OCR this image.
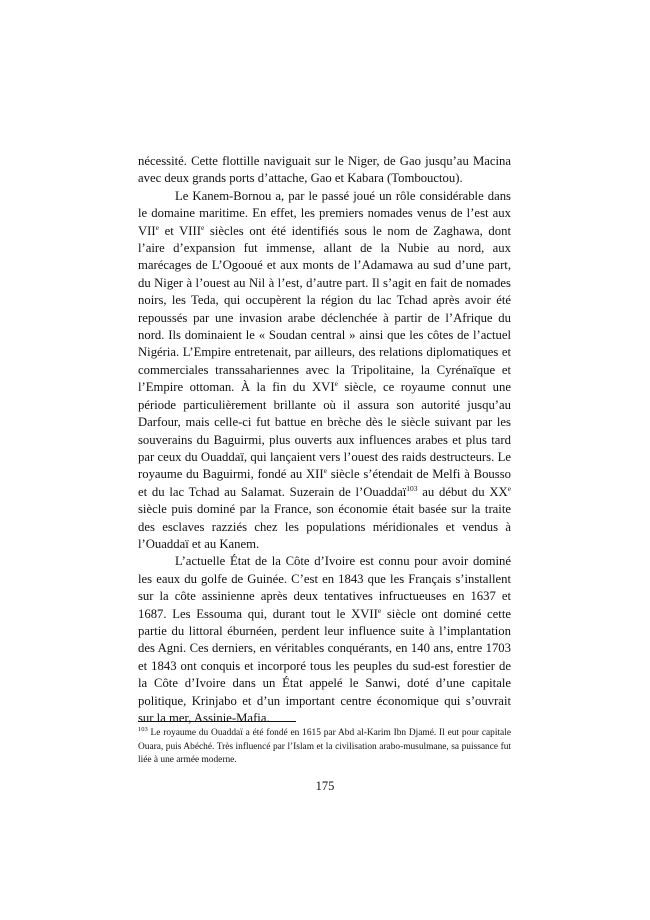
nécessité. Cette flottille naviguait sur le Niger, de Gao jusqu’au Macina avec deux grands ports d’attache, Gao et Kabara (Tombouctou).

Le Kanem-Bornou a, par le passé joué un rôle considérable dans le domaine maritime. En effet, les premiers nomades venus de l’est aux VIIe et VIIIe siècles ont été identifiés sous le nom de Zaghawa, dont l’aire d’expansion fut immense, allant de la Nubie au nord, aux marécages de L’Ogooué et aux monts de l’Adamawa au sud d’une part, du Niger à l’ouest au Nil à l’est, d’autre part. Il s’agit en fait de nomades noirs, les Teda, qui occupèrent la région du lac Tchad après avoir été repoussés par une invasion arabe déclenchée à partir de l’Afrique du nord. Ils dominaient le « Soudan central » ainsi que les côtes de l’actuel Nigéria. L’Empire entretenait, par ailleurs, des relations diplomatiques et commerciales transsahariennes avec la Tripolitaine, la Cyrénaïque et l’Empire ottoman. À la fin du XVIe siècle, ce royaume connut une période particulièrement brillante où il assura son autorité jusqu’au Darfour, mais celle-ci fut battue en brèche dès le siècle suivant par les souverains du Baguirmi, plus ouverts aux influences arabes et plus tard par ceux du Ouaddaï, qui lançaient vers l’ouest des raids destructeurs. Le royaume du Baguirmi, fondé au XIIe siècle s’étendait de Melfi à Bousso et du lac Tchad au Salamat. Suzerain de l’Ouaddaï$^{103}$ au début du XXe siècle puis dominé par la France, son économie était basée sur la traite des esclaves razziés chez les populations méridionales et vendus à l’Ouaddaï et au Kanem.

L’actuelle État de la Côte d’Ivoire est connu pour avoir dominé les eaux du golfe de Guinée. C’est en 1843 que les Français s’installent sur la côte assinienne après deux tentatives infructueuses en 1637 et 1687. Les Essouma qui, durant tout le XVIIe siècle ont dominé cette partie du littoral éburnéen, perdent leur influence suite à l’implantation des Agni. Ces derniers, en véritables conquérants, en 140 ans, entre 1703 et 1843 ont conquis et incorporé tous les peuples du sud-est forestier de la Côte d’Ivoire dans un État appelé le Sanwi, doté d’une capitale politique, Krinjabo et d’un important centre économique qui s’ouvrait sur la mer, Assinie-Mafia.

$^{103}$ Le royaume du Ouaddaï a été fondé en 1615 par Abd al-Karim Ibn Djamé. Il eut pour capitale Ouara, puis Abéché. Très influencé par l’Islam et la civilisation arabo-musulmane, sa puissance fut liée à une armée moderne.

175
